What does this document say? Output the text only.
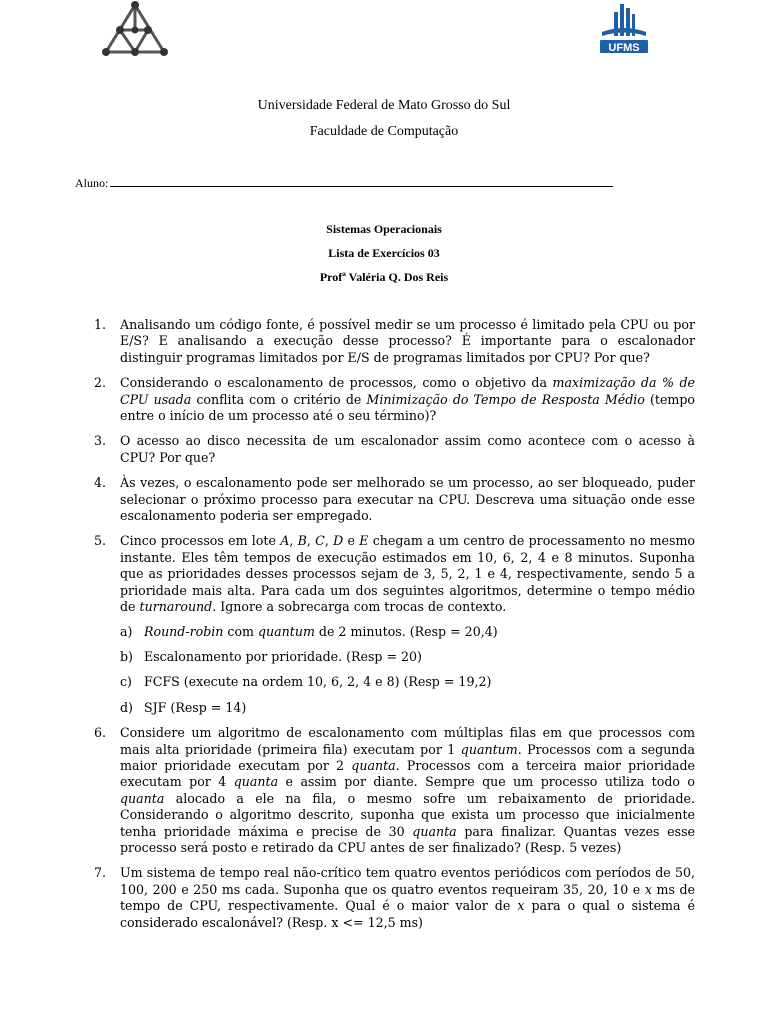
UFMS
Universidade Federal de Mato Grosso do Sul
Faculdade de Computação
Aluno:
Sistemas Operacionais
Lista de Exercícios 03
Profª Valéria Q. Dos Reis
1.	Analisando um código fonte, é possível medir se um processo é limitado pela CPU ou por E/S? E analisando a execução desse processo? É importante para o escalonador distinguir programas limitados por E/S de programas limitados por CPU? Por que?
2.	Considerando o escalonamento de processos, como o objetivo da maximização da % de CPU usada conflita com o critério de Minimização do Tempo de Resposta Médio (tempo entre o início de um processo até o seu término)?
3.	O acesso ao disco necessita de um escalonador assim como acontece com o acesso à CPU? Por que?
4.	Às vezes, o escalonamento pode ser melhorado se um processo, ao ser bloqueado, puder selecionar o próximo processo para executar na CPU. Descreva uma situação onde esse escalonamento poderia ser empregado.
5.	Cinco processos em lote A, B, C, D e E chegam a um centro de processamento no mesmo instante. Eles têm tempos de execução estimados em 10, 6, 2, 4 e 8 minutos. Suponha que as prioridades desses processos sejam de 3, 5, 2, 1 e 4, respectivamente, sendo 5 a prioridade mais alta. Para cada um dos seguintes algoritmos, determine o tempo médio de turnaround. Ignore a sobrecarga com trocas de contexto.
a) Round-robin com quantum de 2 minutos. (Resp = 20,4)
b) Escalonamento por prioridade. (Resp = 20)
c) FCFS (execute na ordem 10, 6, 2, 4 e 8) (Resp = 19,2)
d) SJF (Resp = 14)
6.	Considere um algoritmo de escalonamento com múltiplas filas em que processos com mais alta prioridade (primeira fila) executam por 1 quantum. Processos com a segunda maior prioridade executam por 2 quanta. Processos com a terceira maior prioridade executam por 4 quanta e assim por diante. Sempre que um processo utiliza todo o quanta alocado a ele na fila, o mesmo sofre um rebaixamento de prioridade. Considerando o algoritmo descrito, suponha que exista um processo que inicialmente tenha prioridade máxima e precise de 30 quanta para finalizar. Quantas vezes esse processo será posto e retirado da CPU antes de ser finalizado? (Resp. 5 vezes)
7.	Um sistema de tempo real não-crítico tem quatro eventos periódicos com períodos de 50, 100, 200 e 250 ms cada. Suponha que os quatro eventos requeiram 35, 20, 10 e x ms de tempo de CPU, respectivamente. Qual é o maior valor de x para o qual o sistema é considerado escalonável? (Resp. x <= 12,5 ms)
